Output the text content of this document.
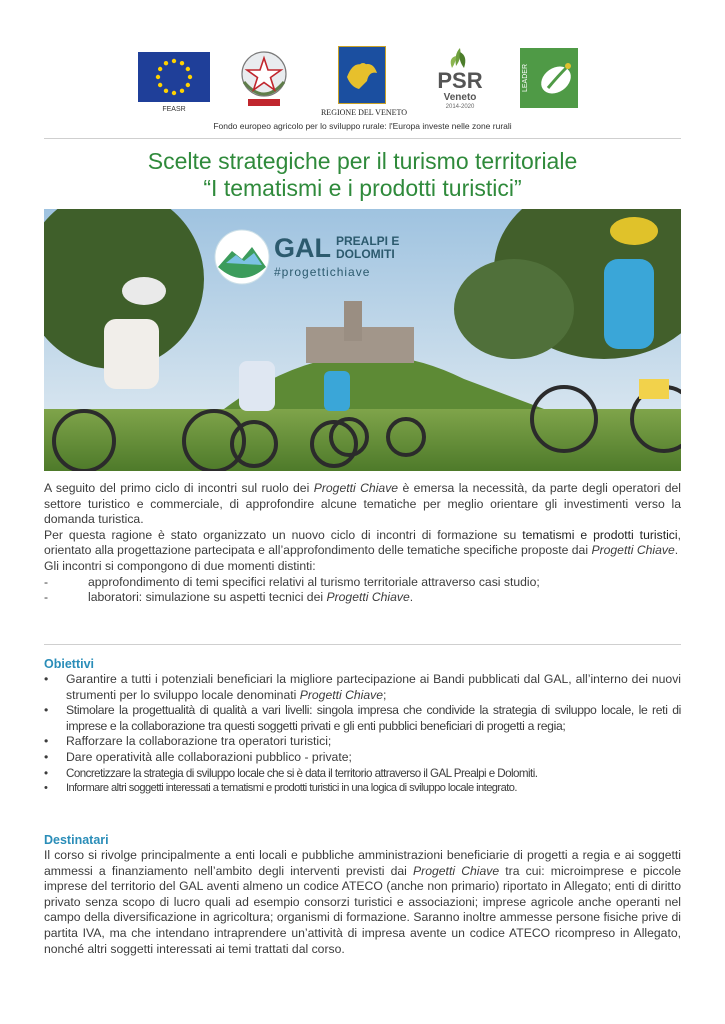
FEASR	REGIONE DEL VENETO
PSR
Veneto
2014-2020
LEADER
Fondo europeo agricolo per lo sviluppo rurale: l'Europa investe nelle zone rurali
Scelte strategiche per il turismo territoriale
“I tematismi e i prodotti turistici”
GAL PREALPI E
DOLOMITI
#progettichiave

A seguito del primo ciclo di incontri sul ruolo dei Progetti Chiave è emersa la necessità, da parte degli operatori del settore turistico e commerciale, di approfondire alcune tematiche per meglio orientare gli investimenti verso la domanda turistica.

Per questa ragione è stato organizzato un nuovo ciclo di incontri di formazione su tematismi e prodotti turistici, orientato alla progettazione partecipata e all’approfondimento delle tematiche specifiche proposte dai Progetti Chiave.

Gli incontri si compongono di due momenti distinti:

-	approfondimento di temi specifici relativi al turismo territoriale attraverso casi studio;
-	laboratori: simulazione su aspetti tecnici dei Progetti Chiave.
Obiettivi
• Garantire a tutti i potenziali beneficiari la migliore partecipazione ai Bandi pubblicati dal GAL, all’interno dei nuovi strumenti per lo sviluppo locale denominati Progetti Chiave;
• Stimolare la progettualità di qualità a vari livelli: singola impresa che condivide la strategia di sviluppo locale, le reti di imprese e la collaborazione tra questi soggetti privati e gli enti pubblici beneficiari di progetti a regia;
• Rafforzare la collaborazione tra operatori turistici;
• Dare operatività alle collaborazioni pubblico - private;
• Concretizzare la strategia di sviluppo locale che si è data il territorio attraverso il GAL Prealpi e Dolomiti.
• Informare altri soggetti interessati a tematismi e prodotti turistici in una logica di sviluppo locale integrato.
Destinatari

Il corso si rivolge principalmente a enti locali e pubbliche amministrazioni beneficiarie di progetti a regia e ai soggetti ammessi a finanziamento nell’ambito degli interventi previsti dai Progetti Chiave tra cui: microimprese e piccole imprese del territorio del GAL aventi almeno un codice ATECO (anche non primario) riportato in Allegato; enti di diritto privato senza scopo di lucro quali ad esempio consorzi turistici e associazioni; imprese agricole anche operanti nel campo della diversificazione in agricoltura; organismi di formazione. Saranno inoltre ammesse persone fisiche prive di partita IVA, ma che intendano intraprendere un’attività di impresa avente un codice ATECO ricompreso in Allegato, nonché altri soggetti interessati ai temi trattati dal corso.
